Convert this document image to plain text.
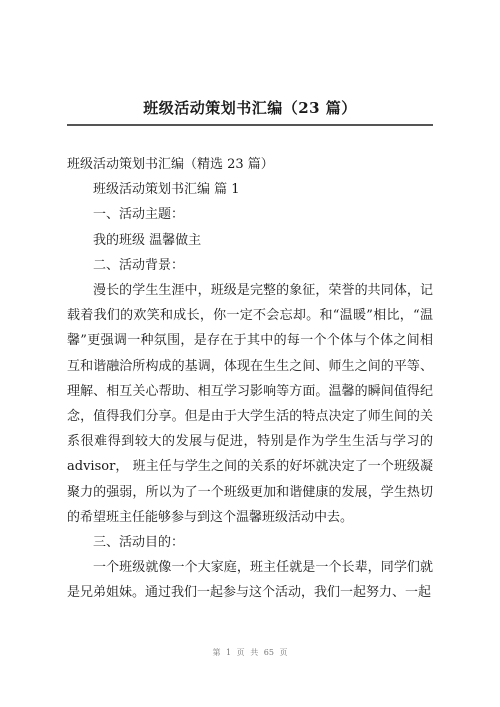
班级活动策划书汇编（23 篇）

班级活动策划书汇编（精选 23 篇）

班级活动策划书汇编 篇 1

一、活动主题：

我的班级 温馨做主

二、活动背景：

漫长的学生生涯中，班级是完整的象征，荣誉的共同体，记载着我们的欢笑和成长，你一定不会忘却。和“温暖”相比，“温馨”更强调一种氛围，是存在于其中的每一个个体与个体之间相互和谐融洽所构成的基调，体现在生生之间、师生之间的平等、理解、相互关心帮助、相互学习影响等方面。温馨的瞬间值得纪念，值得我们分享。但是由于大学生活的特点决定了师生间的关系很难得到较大的发展与促进，特别是作为学生生活与学习的 advisor， 班主任与学生之间的关系的好坏就决定了一个班级凝聚力的强弱，所以为了一个班级更加和谐健康的发展，学生热切的希望班主任能够参与到这个温馨班级活动中去。

三、活动目的：

一个班级就像一个大家庭，班主任就是一个长辈，同学们就是兄弟姐妹。通过我们一起参与这个活动，我们一起努力、一起

第 1 页 共 65 页
